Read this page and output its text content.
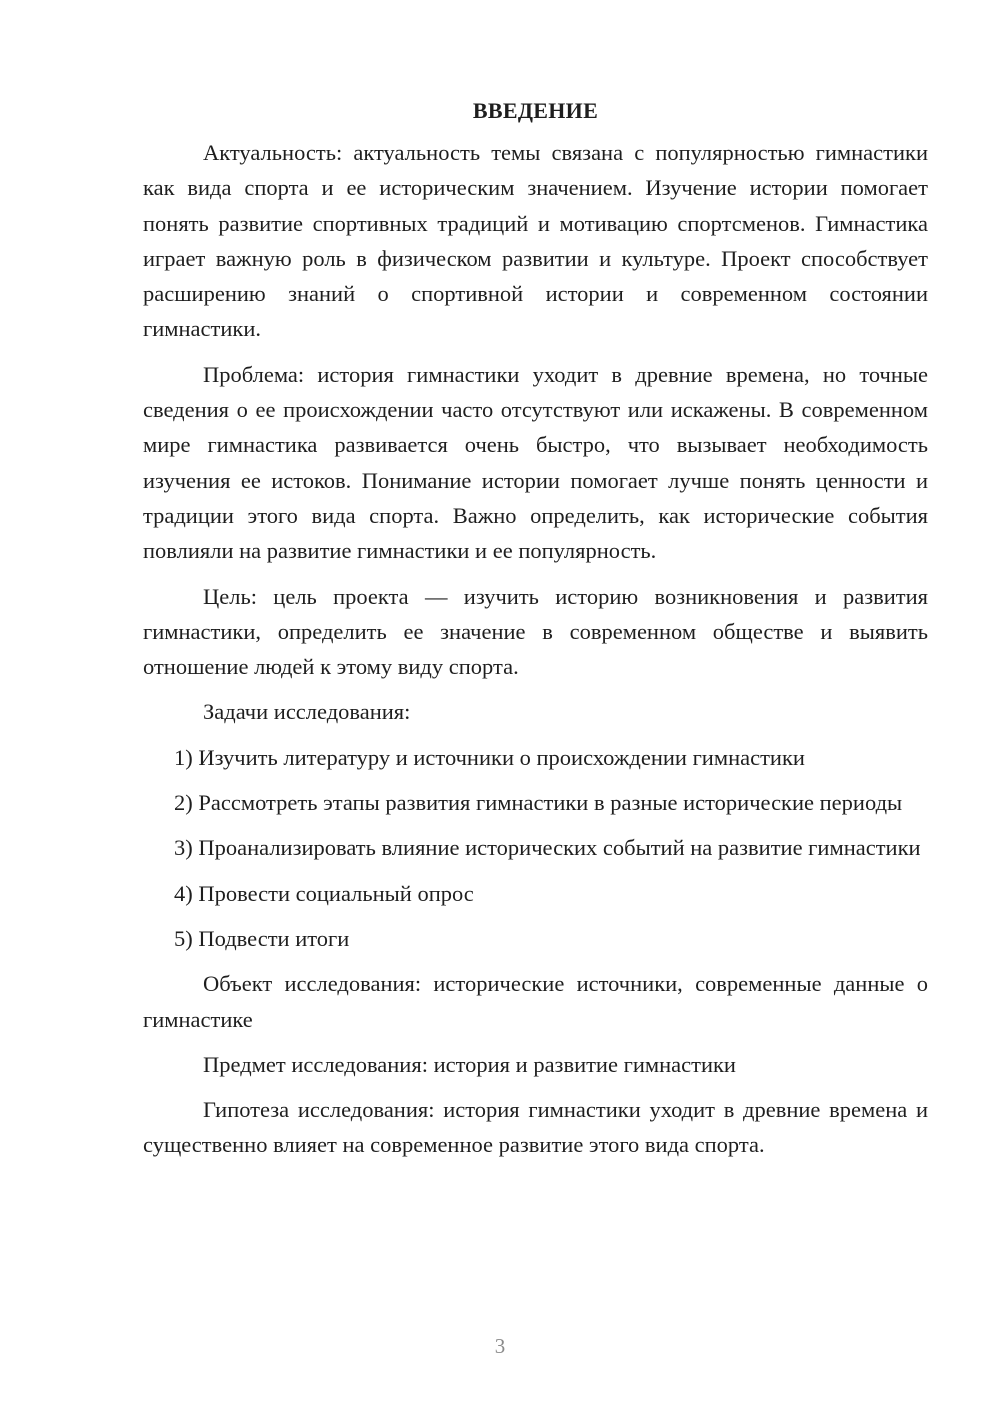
ВВЕДЕНИЕ

Актуальность: актуальность темы связана с популярностью гимнастики как вида спорта и ее историческим значением. Изучение истории помогает понять развитие спортивных традиций и мотивацию спортсменов. Гимнастика играет важную роль в физическом развитии и культуре. Проект способствует расширению знаний о спортивной истории и современном состоянии гимнастики.

Проблема: история гимнастики уходит в древние времена, но точные сведения о ее происхождении часто отсутствуют или искажены. В современном мире гимнастика развивается очень быстро, что вызывает необходимость изучения ее истоков. Понимание истории помогает лучше понять ценности и традиции этого вида спорта. Важно определить, как исторические события повлияли на развитие гимнастики и ее популярность.

Цель: цель проекта — изучить историю возникновения и развития гимнастики, определить ее значение в современном обществе и выявить отношение людей к этому виду спорта.

Задачи исследования:

1) Изучить литературу и источники о происхождении гимнастики

2) Рассмотреть этапы развития гимнастики в разные исторические периоды

3) Проанализировать влияние исторических событий на развитие гимнастики

4) Провести социальный опрос

5) Подвести итоги

Объект исследования: исторические источники, современные данные о гимнастике

Предмет исследования: история и развитие гимнастики

Гипотеза исследования: история гимнастики уходит в древние времена и существенно влияет на современное развитие этого вида спорта.

3
